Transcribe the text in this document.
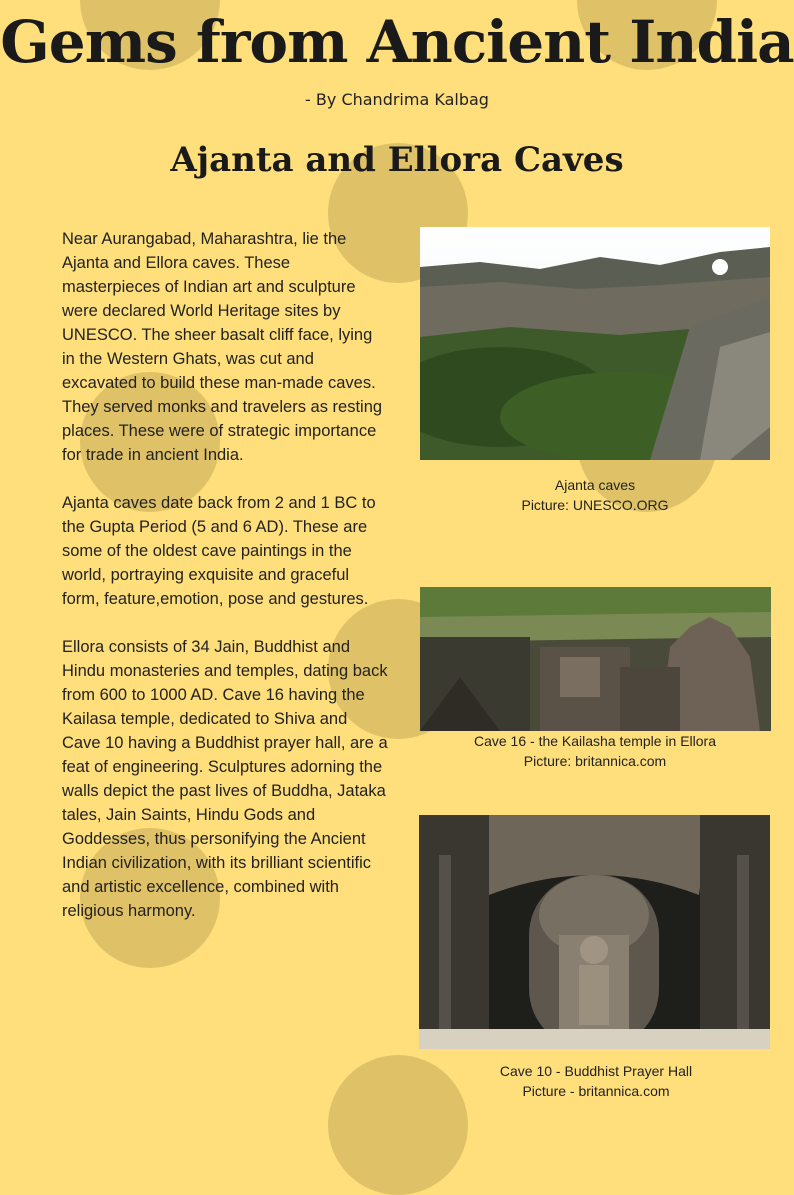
Gems from Ancient India
- By Chandrima Kalbag
Ajanta and Ellora Caves

Near Aurangabad, Maharashtra, lie the Ajanta and Ellora caves. These masterpieces of Indian art and sculpture were declared World Heritage sites by UNESCO. The sheer basalt cliff face, lying in the Western Ghats, was cut and excavated to build these man-made caves. They served monks and travelers as resting places. These were of strategic importance for trade in ancient India.

Ajanta caves date back from 2 and 1 BC to the Gupta Period (5 and 6 AD). These are some of the oldest cave paintings in the world, portraying exquisite and graceful form, feature,emotion, pose and gestures.

Ellora consists of 34 Jain, Buddhist and Hindu monasteries and temples, dating back from 600 to 1000 AD. Cave 16 having the Kailasa temple, dedicated to Shiva and Cave 10 having a Buddhist prayer hall, are a feat of engineering. Sculptures adorning the walls depict the past lives of Buddha, Jataka tales, Jain Saints, Hindu Gods and Goddesses, thus personifying the Ancient Indian civilization, with its brilliant scientific and artistic excellence, combined with religious harmony.

Ajanta caves
Picture: UNESCO.ORG
Cave 16 - the Kailasha temple in Ellora
Picture: britannica.com
Cave 10 - Buddhist Prayer Hall
Picture - britannica.com
